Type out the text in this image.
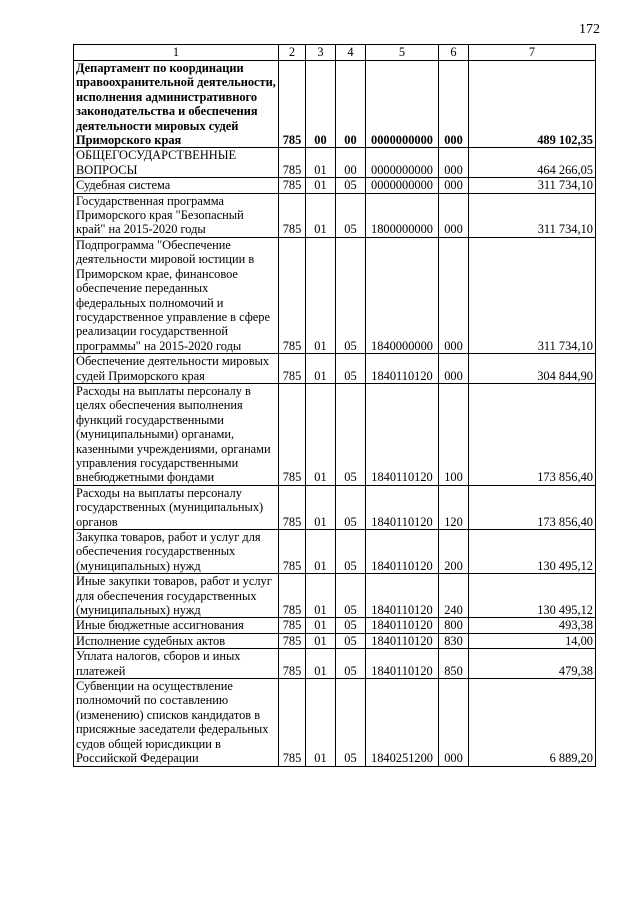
172
1	2	3	4	5	6	7
Департамент по координации правоохранительной деятельности, исполнения административного законодательства и обеспечения деятельности мировых судей Приморского края	785	00	00	0000000000	000	489 102,35
ОБЩЕГОСУДАРСТВЕННЫЕ ВОПРОСЫ	785	01	00	0000000000	000	464 266,05
Судебная система	785	01	05	0000000000	000	311 734,10
Государственная программа Приморского края "Безопасный край" на 2015-2020 годы	785	01	05	1800000000	000	311 734,10
Подпрограмма "Обеспечение деятельности мировой юстиции в Приморском крае, финансовое обеспечение переданных федеральных полномочий и государственное управление в сфере реализации государственной программы" на 2015-2020 годы	785	01	05	1840000000	000	311 734,10
Обеспечение деятельности мировых судей Приморского края	785	01	05	1840110120	000	304 844,90
Расходы на выплаты персоналу в целях обеспечения выполнения функций государственными (муниципальными) органами, казенными учреждениями, органами управления государственными внебюджетными фондами	785	01	05	1840110120	100	173 856,40
Расходы на выплаты персоналу государственных (муниципальных) органов	785	01	05	1840110120	120	173 856,40
Закупка товаров, работ и услуг для обеспечения государственных (муниципальных) нужд	785	01	05	1840110120	200	130 495,12
Иные закупки товаров, работ и услуг для обеспечения государственных (муниципальных) нужд	785	01	05	1840110120	240	130 495,12
Иные бюджетные ассигнования	785	01	05	1840110120	800	493,38
Исполнение судебных актов	785	01	05	1840110120	830	14,00
Уплата налогов, сборов и иных платежей	785	01	05	1840110120	850	479,38
Субвенции на осуществление полномочий по составлению (изменению) списков кандидатов в присяжные заседатели федеральных судов общей юрисдикции в Российской Федерации	785	01	05	1840251200	000	6 889,20
